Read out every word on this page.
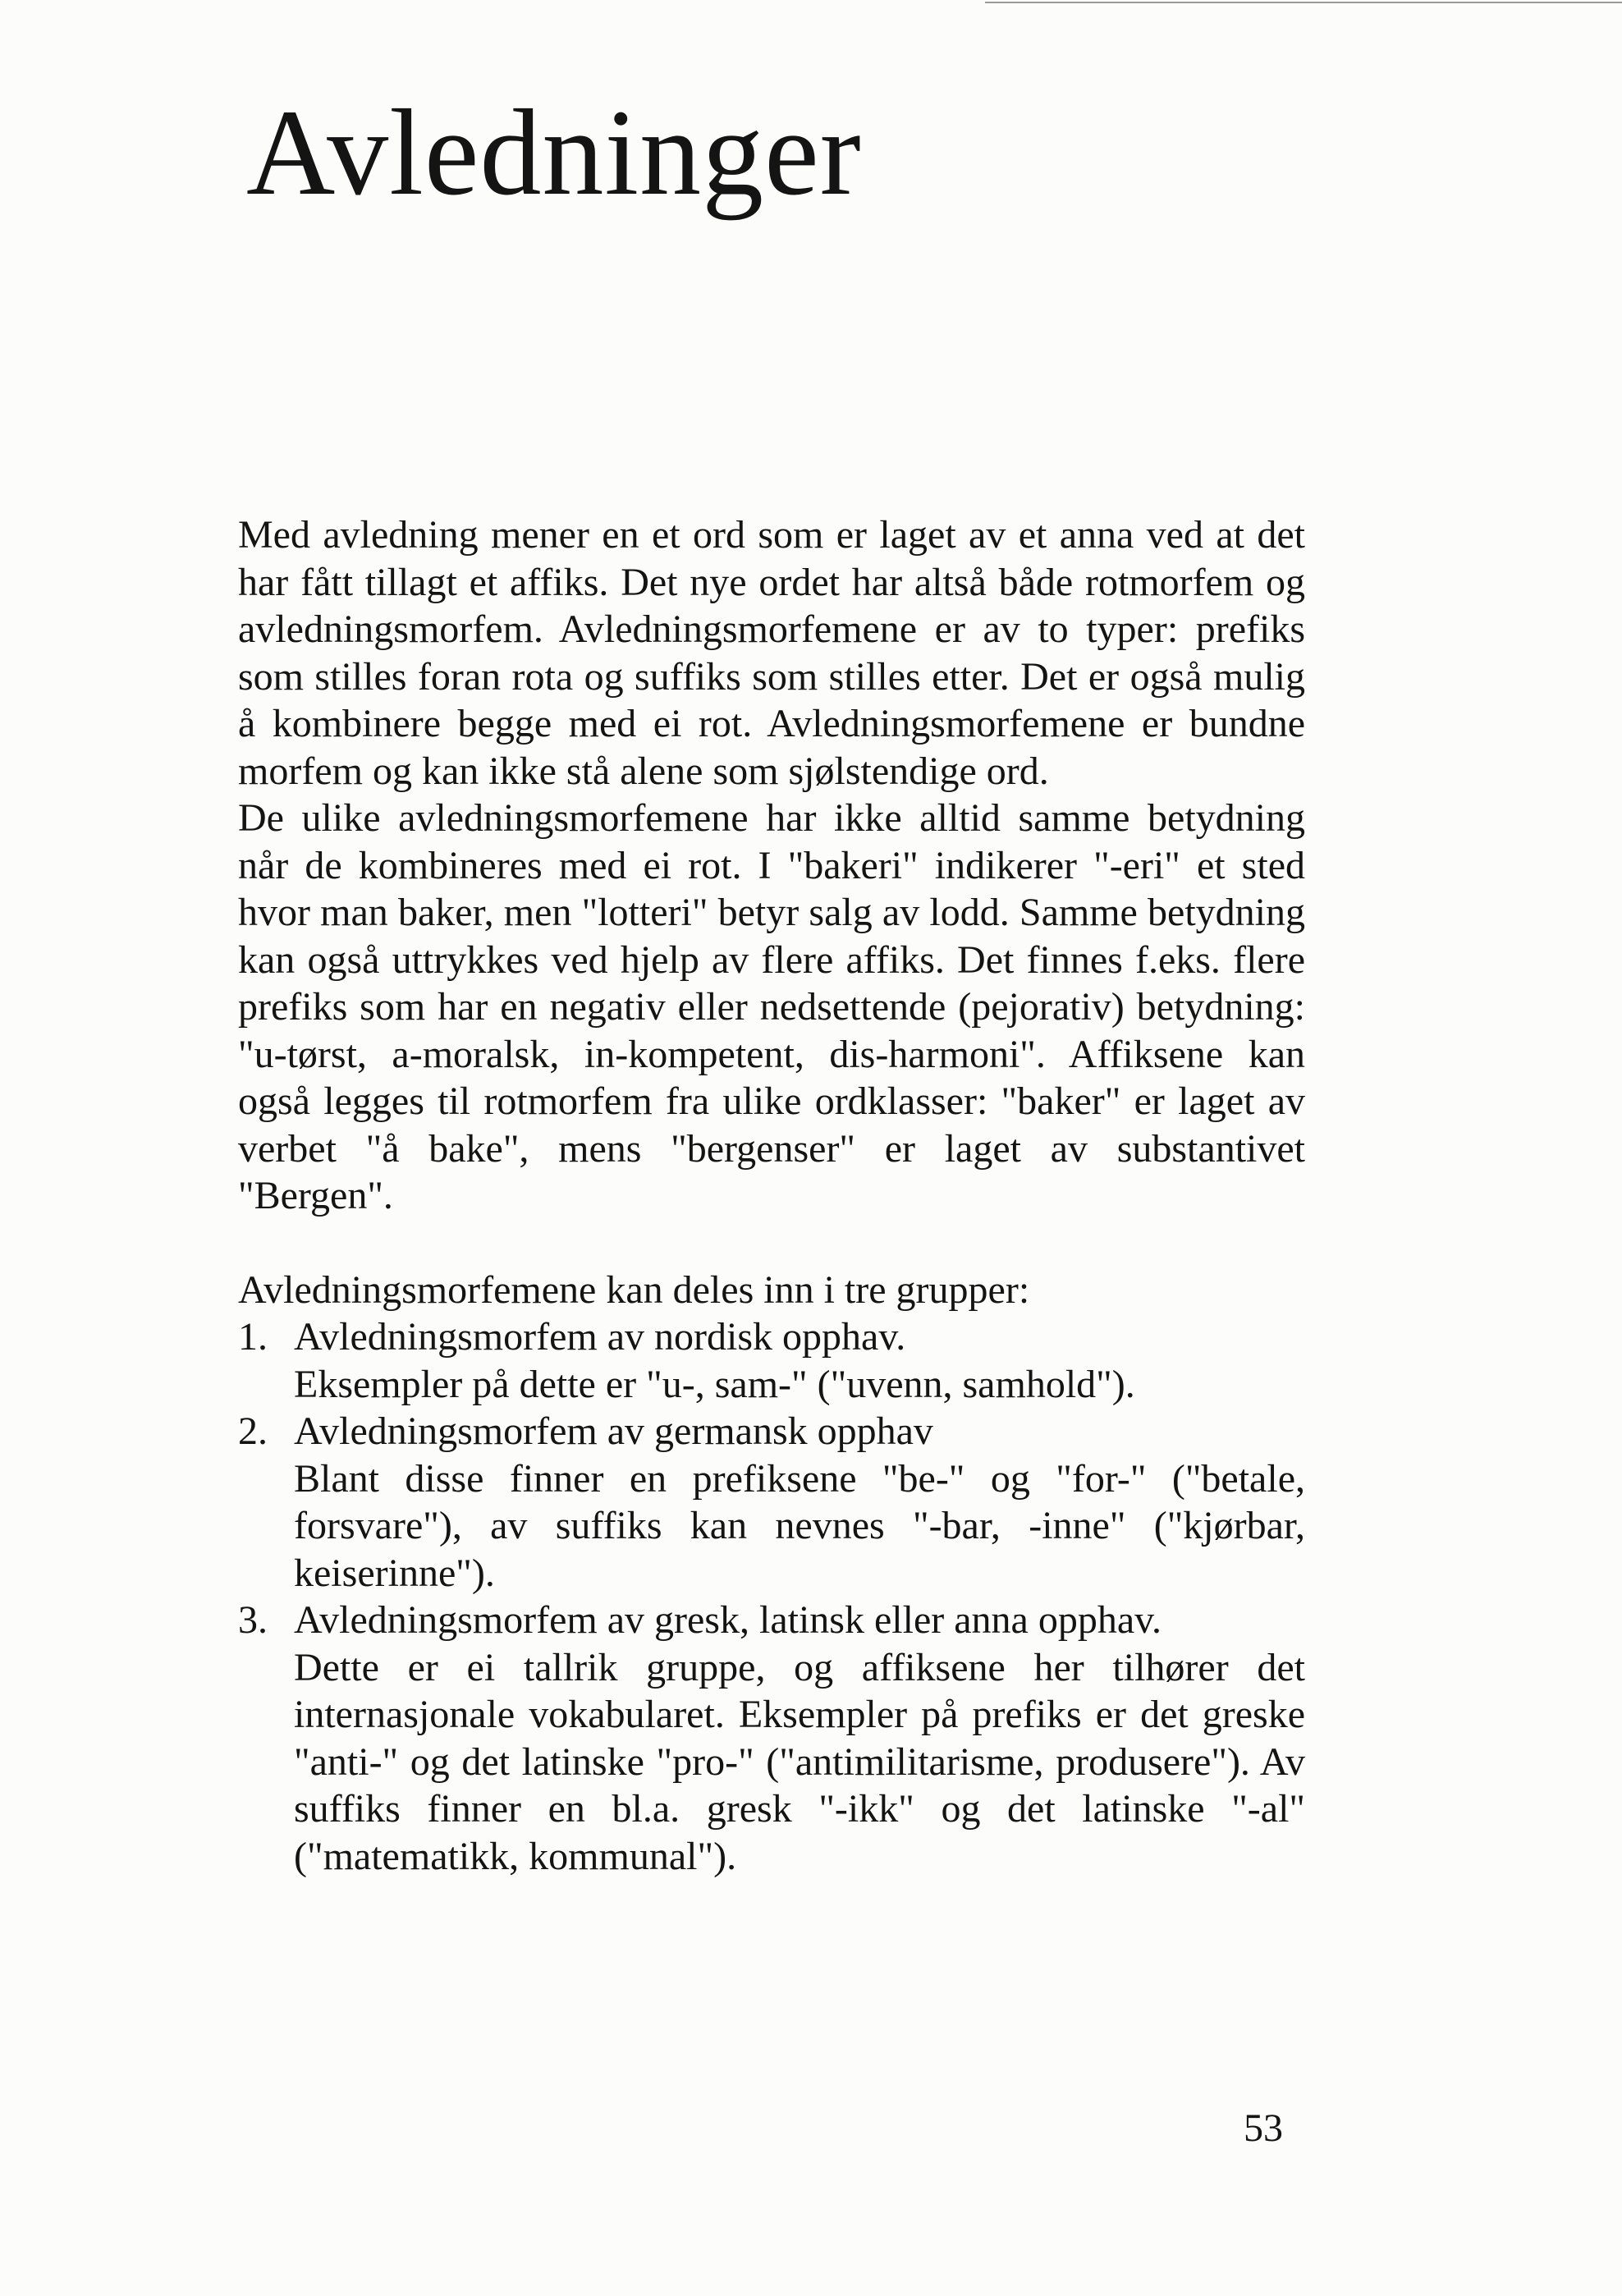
Avledninger

Med avledning mener en et ord som er laget av et anna ved at det har fått tillagt et affiks. Det nye ordet har altså både rotmorfem og avledningsmorfem. Avledningsmorfemene er av to typer: prefiks som stilles foran rota og suffiks som stilles etter. Det er også mulig å kombinere begge med ei rot. Avledningsmorfemene er bundne morfem og kan ikke stå alene som sjølstendige ord.

De ulike avledningsmorfemene har ikke alltid samme betydning når de kombineres med ei rot. I "bakeri" indikerer "-eri" et sted hvor man baker, men "lotteri" betyr salg av lodd. Samme betydning kan også uttrykkes ved hjelp av flere affiks. Det finnes f.eks. flere prefiks som har en negativ eller nedsettende (pejorativ) betydning: "u-tørst, a-moralsk, in-kompetent, dis-harmoni". Affiksene kan også legges til rotmorfem fra ulike ordklasser: "baker" er laget av verbet "å bake", mens "bergenser" er laget av substantivet "Bergen".

Avledningsmorfemene kan deles inn i tre grupper:

1. Avledningsmorfem av nordisk opphav.
Eksempler på dette er "u-, sam-" ("uvenn, samhold").
2. Avledningsmorfem av germansk opphav
Blant disse finner en prefiksene "be-" og "for-" ("betale, forsvare"), av suffiks kan nevnes "-bar, -inne" ("kjørbar, keiserinne").
3. Avledningsmorfem av gresk, latinsk eller anna opphav.
Dette er ei tallrik gruppe, og affiksene her tilhører det internasjonale vokabularet. Eksempler på prefiks er det greske "anti-" og det latinske "pro-" ("antimilitarisme, produsere"). Av suffiks finner en bl.a. gresk "-ikk" og det latinske "-al" ("matematikk, kommunal").
53
